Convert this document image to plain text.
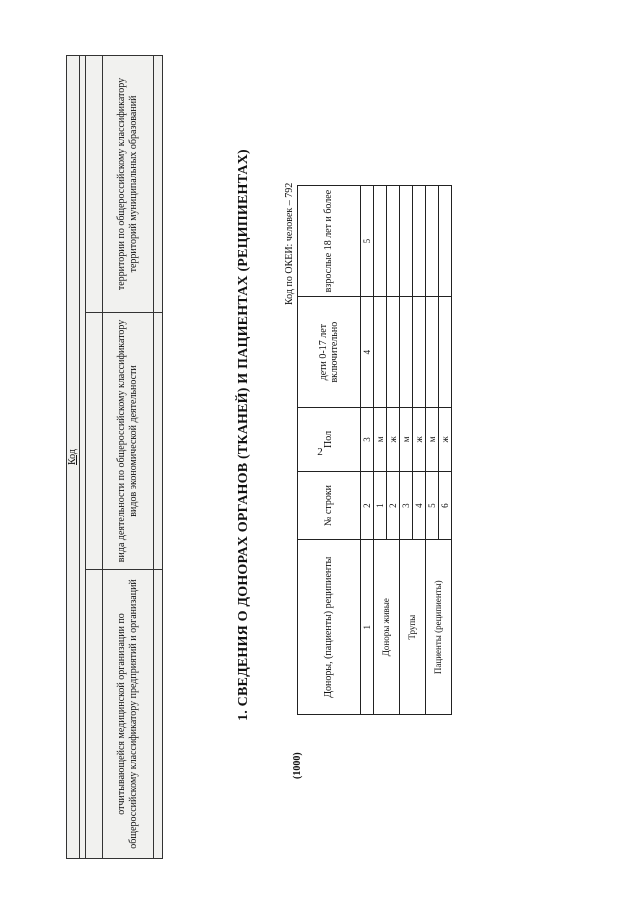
2
Код		

отчитывающейся медицинской организации по общероссийскому классификатору предприятий и организаций	вида деятельности по общероссийскому классификатору видов экономической деятельности	территории по общероссийскому классификатору территорий муниципальных образований
			1. СВЕДЕНИЯ О ДОНОРАХ ОРГАНОВ (ТКАНЕЙ) И ПАЦИЕНТАХ (РЕЦИПИЕНТАХ)	Код по ОКЕИ: человек – 792
(1000)
Доноры, (пациенты) реципиенты	№ строки	Пол	дети 0-17 лет включительно	взрослые 18 лет и более
1	2	3	4	5
Доноры живые	1	м		
	2	ж		
Трупы	3	м		
	4	ж		
Пациенты (реципиенты)	5	м		
	6	ж		
